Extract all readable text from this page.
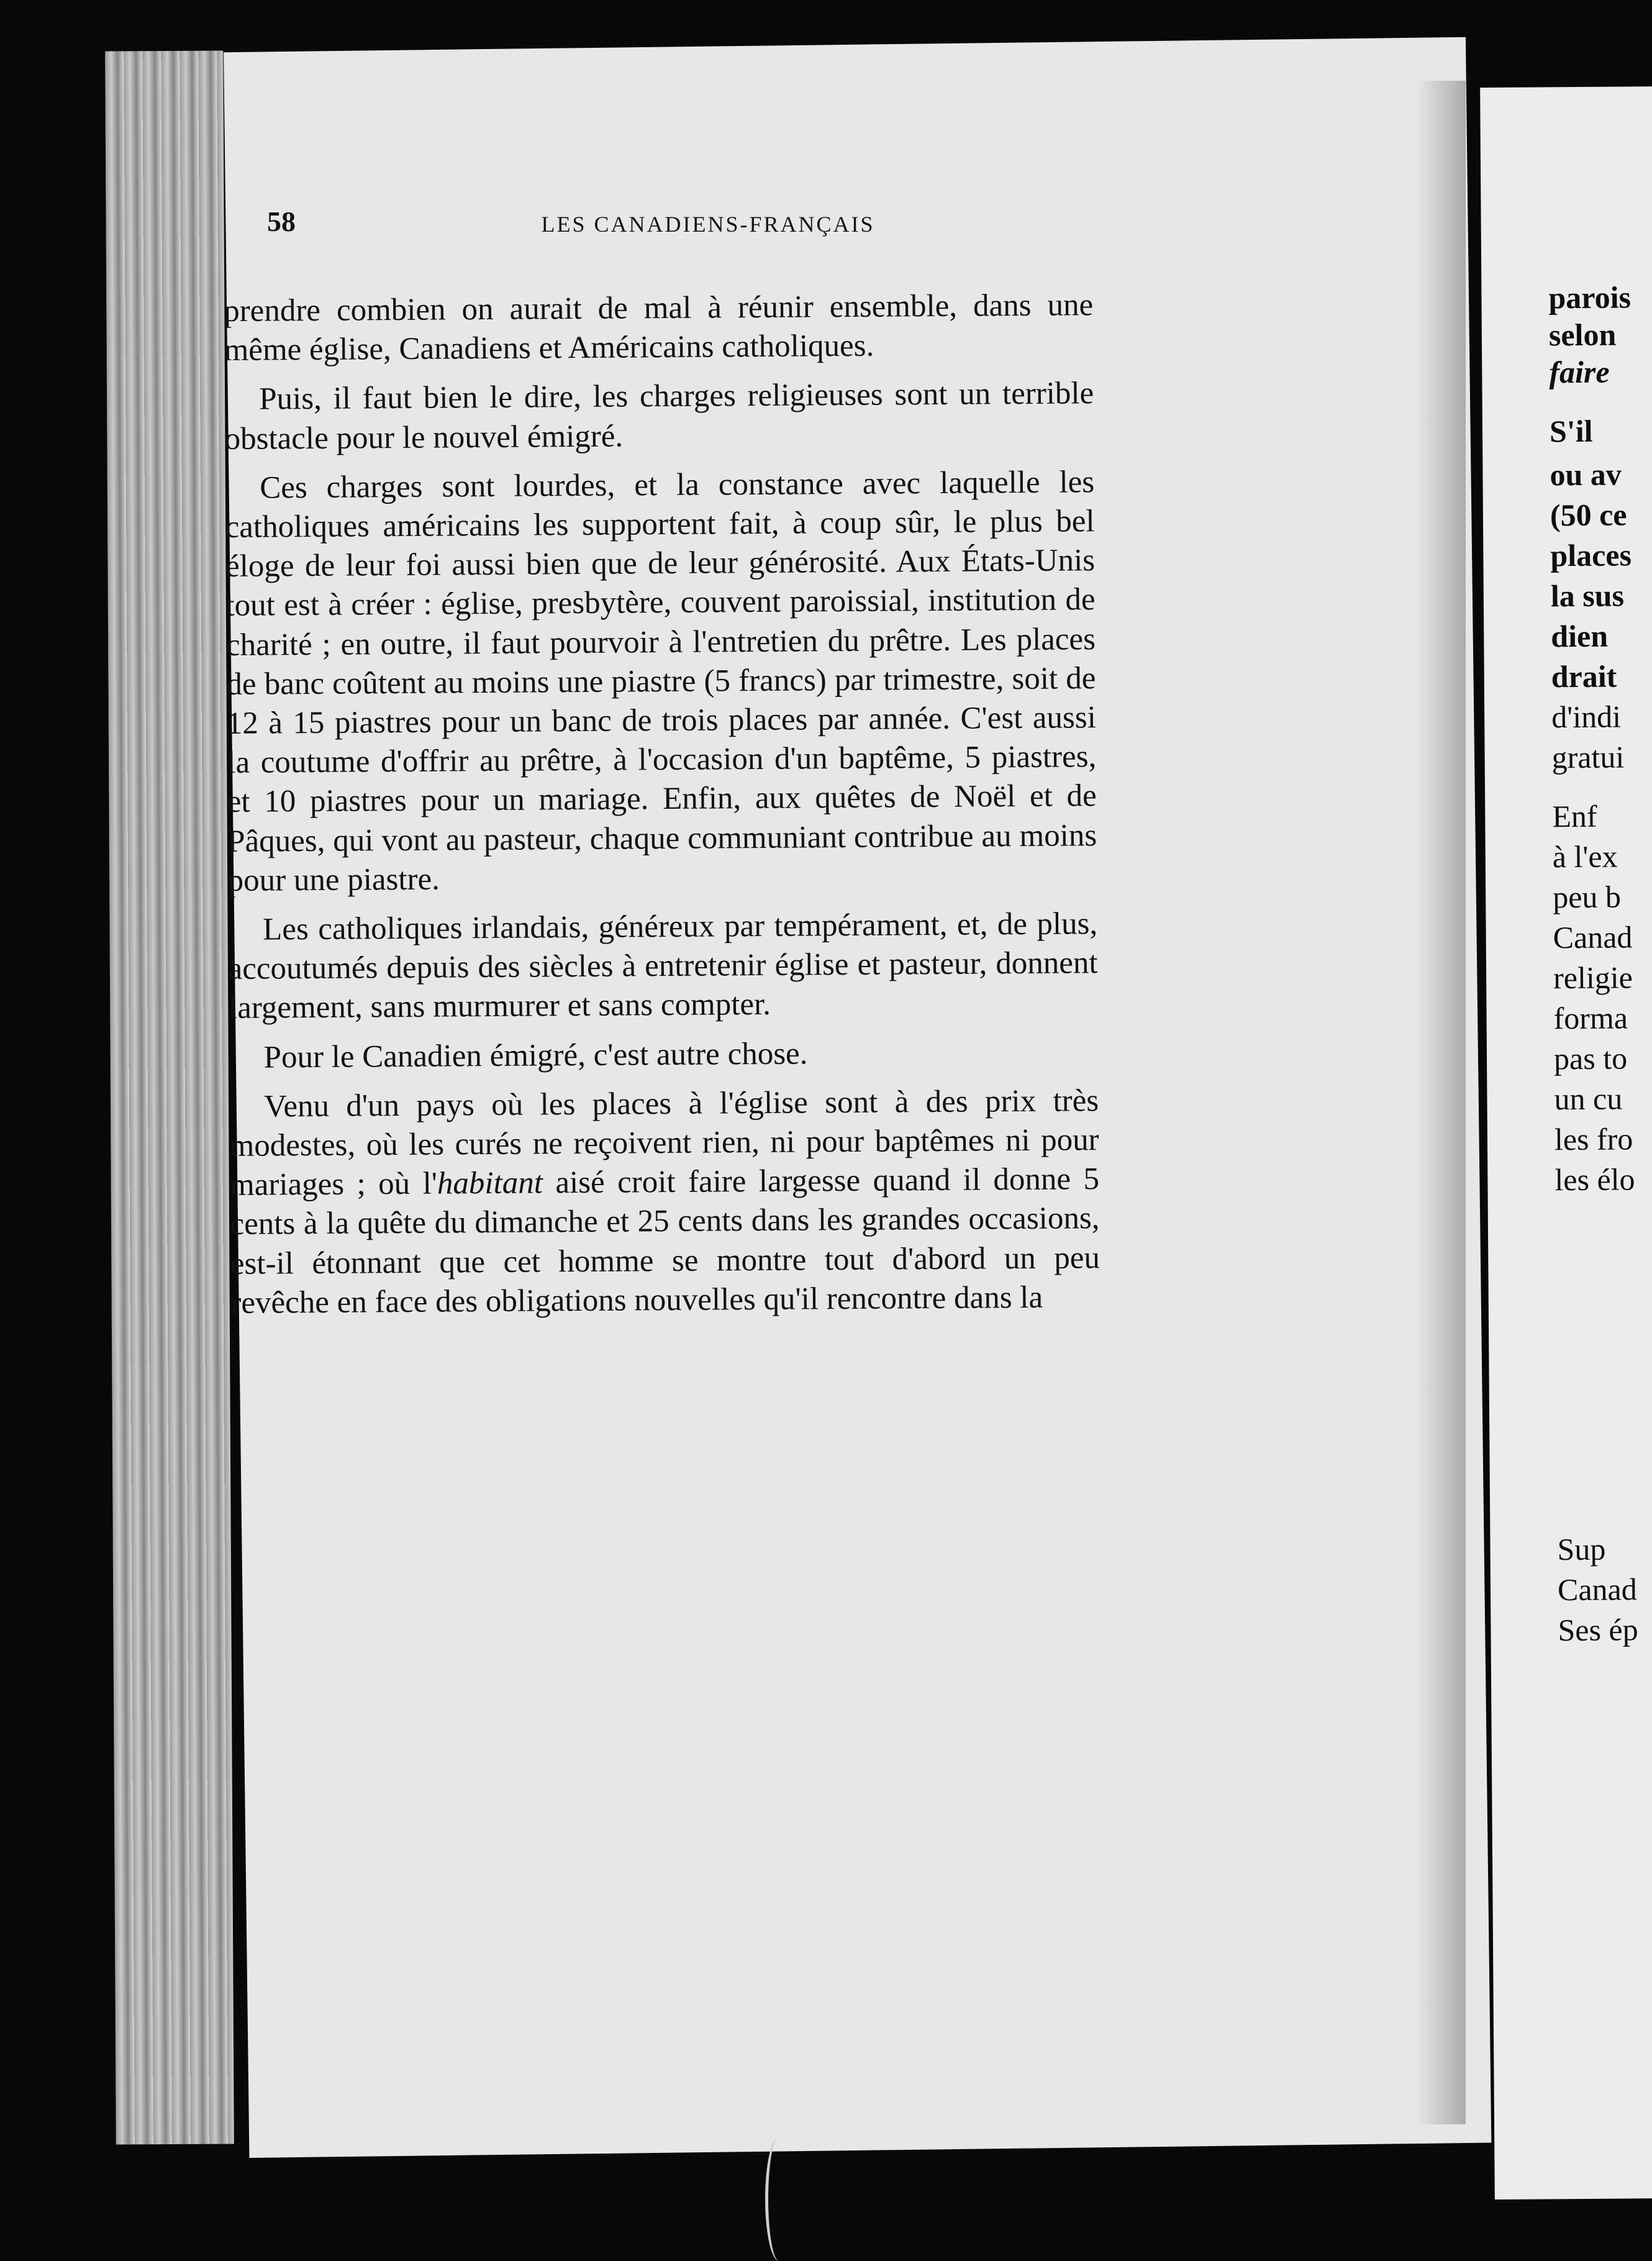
58	LES CANADIENS-FRANÇAIS

prendre combien on aurait de mal à réunir ensemble, dans une même église, Canadiens et Américains catholiques.

Puis, il faut bien le dire, les charges religieuses sont un terrible obstacle pour le nouvel émigré.

Ces charges sont lourdes, et la constance avec laquelle les catholiques américains les supportent fait, à coup sûr, le plus bel éloge de leur foi aussi bien que de leur générosité. Aux États-Unis tout est à créer : église, presbytère, couvent paroissial, institution de charité ; en outre, il faut pourvoir à l'entretien du prêtre. Les places de banc coûtent au moins une piastre (5 francs) par trimestre, soit de 12 à 15 piastres pour un banc de trois places par année. C'est aussi la coutume d'offrir au prêtre, à l'occasion d'un baptême, 5 piastres, et 10 piastres pour un mariage. Enfin, aux quêtes de Noël et de Pâques, qui vont au pasteur, chaque communiant contribue au moins pour une piastre.

Les catholiques irlandais, généreux par tempérament, et, de plus, accoutumés depuis des siècles à entretenir église et pasteur, donnent largement, sans murmurer et sans compter.

Pour le Canadien émigré, c'est autre chose.

Venu d'un pays où les places à l'église sont à des prix très modestes, où les curés ne reçoivent rien, ni pour baptêmes ni pour mariages ; où l'habitant aisé croit faire largesse quand il donne 5 cents à la quête du dimanche et 25 cents dans les grandes occasions, est-il étonnant que cet homme se montre tout d'abord un peu revêche en face des obligations nouvelles qu'il rencontre dans la

parois
selon
faire
S'il
ou av
(50 ce
places
la sus
dien
drait
d'indi
gratui
Enf
à l'ex
peu b
Canad
religie
forma
pas to
un cu
les fro
les élo
Sup
Canad
Ses ép
